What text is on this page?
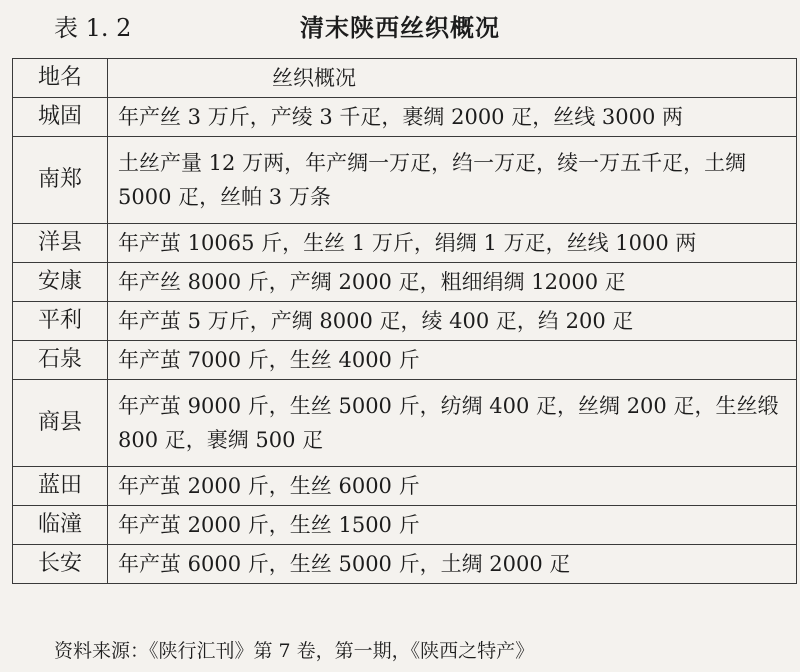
表 1. 2	清末陕西丝织概况
地名	丝织概况
城固	年产丝 3 万斤，产绫 3 千疋，裹绸 2000 疋，丝线 3000 两
南郑	土丝产量 12 万两，年产绸一万疋，绉一万疋，绫一万五千疋，土绸 5000 疋，丝帕 3 万条
洋县	年产茧 10065 斤，生丝 1 万斤，绢绸 1 万疋，丝线 1000 两
安康	年产丝 8000 斤，产绸 2000 疋，粗细绢绸 12000 疋
平利	年产茧 5 万斤，产绸 8000 疋，绫 400 疋，绉 200 疋
石泉	年产茧 7000 斤，生丝 4000 斤
商县	年产茧 9000 斤，生丝 5000 斤，纺绸 400 疋，丝绸 200 疋，生丝缎 800 疋，裹绸 500 疋
蓝田	年产茧 2000 斤，生丝 6000 斤
临潼	年产茧 2000 斤，生丝 1500 斤
长安	年产茧 6000 斤，生丝 5000 斤，土绸 2000 疋
资料来源：《陕行汇刊》第 7 卷，第一期，《陕西之特产》
